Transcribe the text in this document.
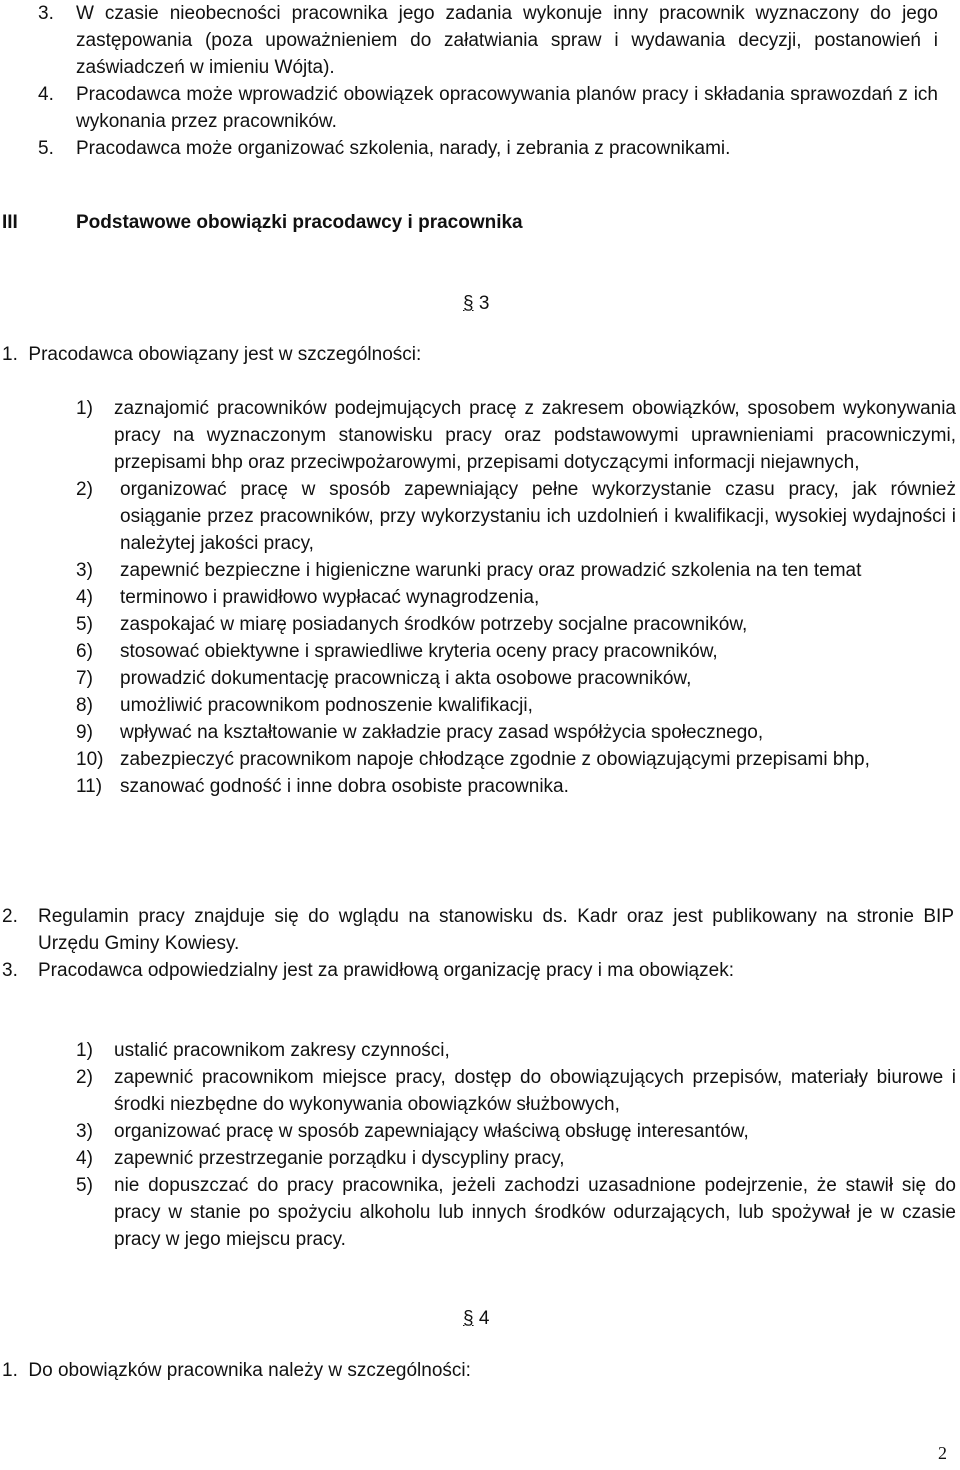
3. W czasie nieobecności pracownika jego zadania wykonuje inny pracownik wyznaczony do jego zastępowania (poza upoważnieniem do załatwiania spraw i wydawania decyzji, postanowień i zaświadczeń w imieniu Wójta).
4. Pracodawca może wprowadzić obowiązek opracowywania planów pracy i składania sprawozdań z ich wykonania przez pracowników.
5. Pracodawca może organizować szkolenia, narady, i zebrania z pracownikami.
III	Podstawowe obowiązki pracodawcy i pracownika
§ 3
1. Pracodawca obowiązany jest w szczególności:
1) zaznajomić pracowników podejmujących pracę z zakresem obowiązków, sposobem wykonywania pracy na wyznaczonym stanowisku pracy oraz podstawowymi uprawnieniami pracowniczymi, przepisami bhp oraz przeciwpożarowymi, przepisami dotyczącymi informacji niejawnych,
2) organizować pracę w sposób zapewniający pełne wykorzystanie czasu pracy, jak również osiąganie przez pracowników, przy wykorzystaniu ich uzdolnień i kwalifikacji, wysokiej wydajności i należytej jakości pracy,
3) zapewnić bezpieczne i higieniczne warunki pracy oraz prowadzić szkolenia na ten temat
4) terminowo i prawidłowo wypłacać wynagrodzenia,
5) zaspokajać w miarę posiadanych środków potrzeby socjalne pracowników,
6) stosować obiektywne i sprawiedliwe kryteria oceny pracy pracowników,
7) prowadzić dokumentację pracowniczą i akta osobowe pracowników,
8) umożliwić pracownikom podnoszenie kwalifikacji,
9) wpływać na kształtowanie w zakładzie pracy zasad współżycia społecznego,
10) zabezpieczyć pracownikom napoje chłodzące zgodnie z obowiązującymi przepisami bhp,
11) szanować godność i inne dobra osobiste pracownika.
2. Regulamin pracy znajduje się do wglądu na stanowisku ds. Kadr oraz jest publikowany na stronie BIP Urzędu Gminy Kowiesy.
3. Pracodawca odpowiedzialny jest za prawidłową organizację pracy i ma obowiązek:
1) ustalić pracownikom zakresy czynności,
2) zapewnić pracownikom miejsce pracy, dostęp do obowiązujących przepisów, materiały biurowe i środki niezbędne do wykonywania obowiązków służbowych,
3) organizować pracę w sposób zapewniający właściwą obsługę interesantów,
4) zapewnić przestrzeganie porządku i dyscypliny pracy,
5) nie dopuszczać do pracy pracownika, jeżeli zachodzi uzasadnione podejrzenie, że stawił się do pracy w stanie po spożyciu alkoholu lub innych środków odurzających, lub spożywał je w czasie pracy w jego miejscu pracy.
§ 4
1. Do obowiązków pracownika należy w szczególności:
2
